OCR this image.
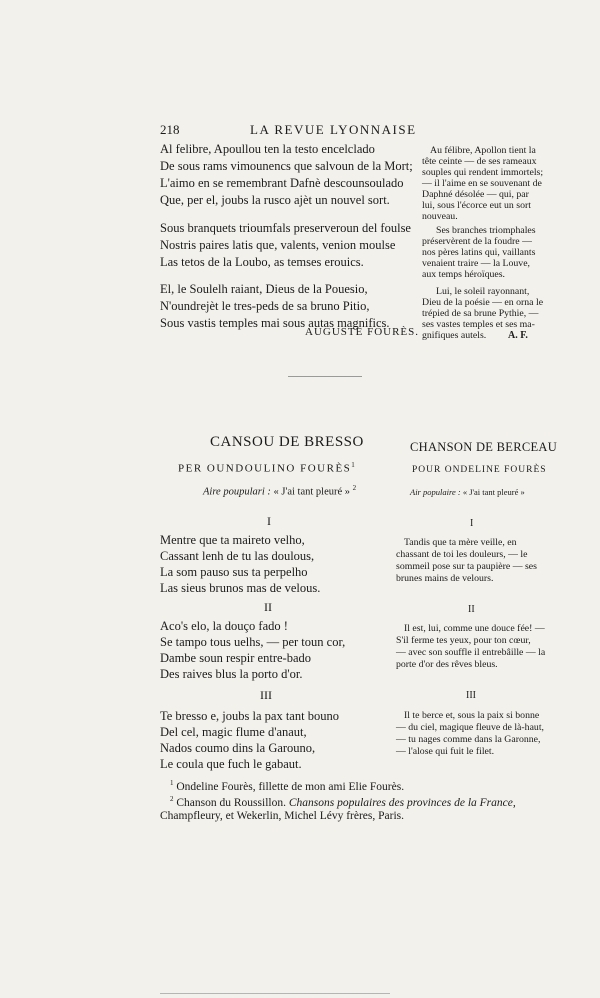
218	LA REVUE LYONNAISE
Al felibre, Apoullou ten la testo encelclado
De sous rams vimounencs que salvoun de la Mort;
L'aimo en se remembrant Dafnè descounsoulado
Que, per el, joubs la rusco ajèt un nouvel sort.
Sous branquets trioumfals preserveroun del foulse
Nostris paires latis que, valents, venion moulse
Las tetos de la Loubo, as temses erouics.
El, le Soulelh raiant, Dieus de la Pouesio,
N'oundrejèt le tres-peds de sa bruno Pitio,
Sous vastis temples mai sous autas magnifics.
Au félibre, Apollon tient la
tête ceinte — de ses rameaux
souples qui rendent immortels;
— il l'aime en se souvenant de
Daphné désolée — qui, par
lui, sous l'écorce eut un sort
nouveau.
Ses branches triomphales
préservèrent de la foudre —
nos pères latins qui, vaillants
venaient traire — la Louve,
aux temps héroïques.
Lui, le soleil rayonnant,
Dieu de la poésie — en orna le
trépied de sa brune Pythie, —
ses vastes temples et ses ma-
gnifiques autels.
AUGUSTE FOURÈS.	A. F.
CANSOU DE BRESSO	CHANSON DE BERCEAU
PER OUNDOULINO FOURÈS$^1$	POUR ONDELINE FOURÈS
Aire poupulari : « J'ai tant pleuré » $^2$	Air populaire : « J'ai tant pleuré »
I	I
Mentre que ta maireto velho,
Cassant lenh de tu las doulous,
La som pauso sus ta perpelho
Las sieus brunos mas de velous.
Tandis que ta mère veille, en
chassant de toi les douleurs, — le
sommeil pose sur ta paupière — ses
brunes mains de velours.
II	II
Aco's elo, la douço fado !
Se tampo tous uelhs, — per toun cor,
Dambe soun respir entre-bado
Des raives blus la porto d'or.
Il est, lui, comme une douce fée! —
S'il ferme tes yeux, pour ton cœur,
— avec son souffle il entrebâille — la
porte d'or des rêves bleus.
III	III
Te bresso e, joubs la pax tant bouno
Del cel, magic flume d'anaut,
Nados coumo dins la Garouno,
Le coula que fuch le gabaut.
Il te berce et, sous la paix si bonne
— du ciel, magique fleuve de là-haut,
— tu nages comme dans la Garonne,
— l'alose qui fuit le filet.
$^1$ Ondeline Fourès, fillette de mon ami Elie Fourès.
$^2$ Chanson du Roussillon. Chansons populaires des provinces de la France,
Champfleury, et Wekerlin, Michel Lévy frères, Paris.
